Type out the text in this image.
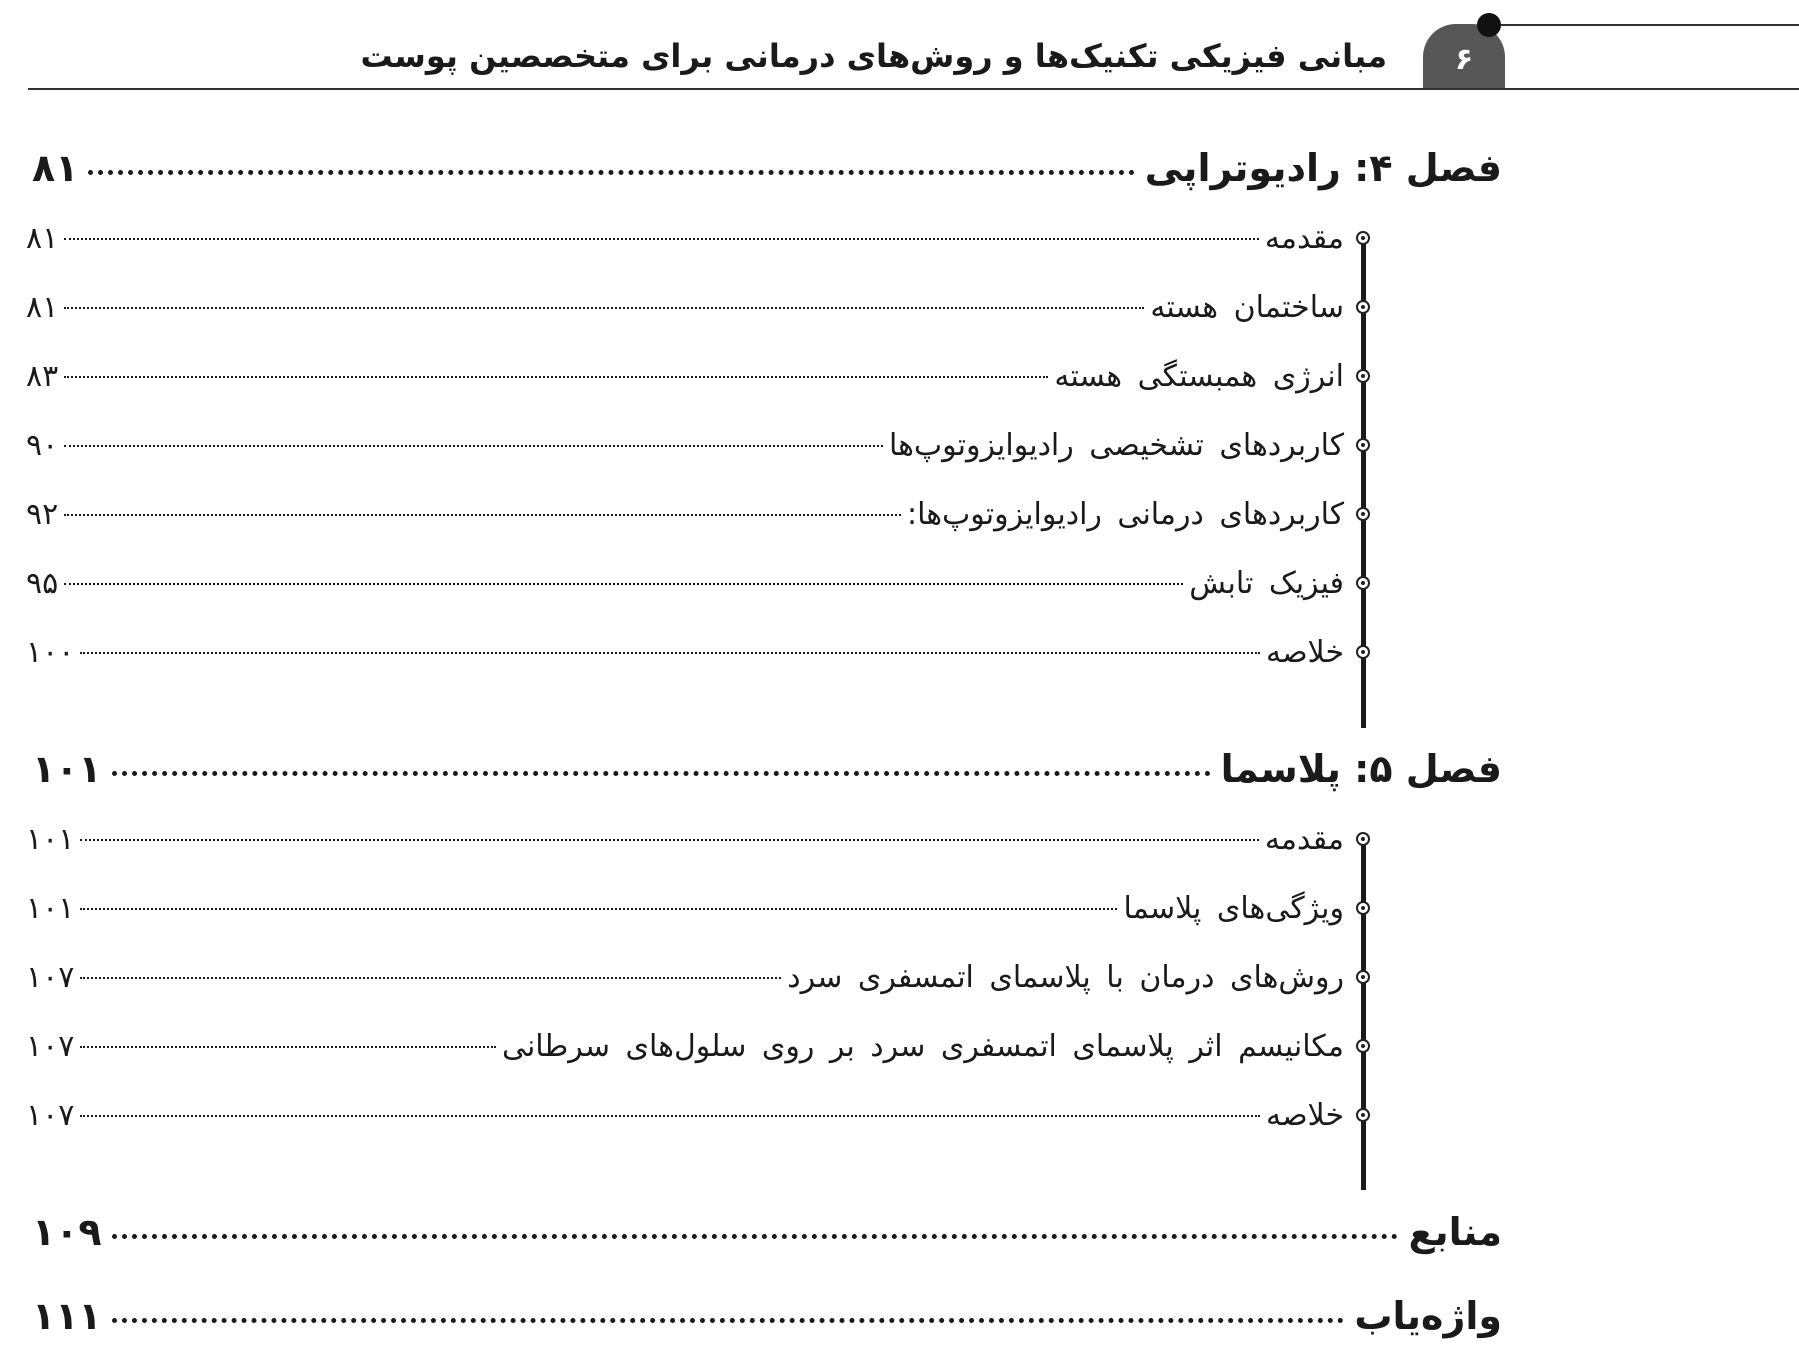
۶
مبانی فیزیکی تکنیک‌ها و روش‌های درمانی برای متخصصین پوست
فصل ۴: رادیوتراپی
۸۱
مقدمه
۸۱
ساختمان هسته
۸۱
انرژی همبستگی هسته
۸۳
کاربردهای تشخیصی رادیوایزوتوپ‌ها
۹۰
کاربردهای درمانی رادیوایزوتوپ‌ها:
۹۲
فیزیک تابش
۹۵
خلاصه
۱۰۰
فصل ۵: پلاسما
۱۰۱
مقدمه
۱۰۱
ویژگی‌های پلاسما
۱۰۱
روش‌های درمان با پلاسمای اتمسفری سرد
۱۰۷
مکانیسم اثر پلاسمای اتمسفری سرد بر روی سلول‌های سرطانی
۱۰۷
خلاصه
۱۰۷
منابع
۱۰۹
واژه‌یاب
۱۱۱
